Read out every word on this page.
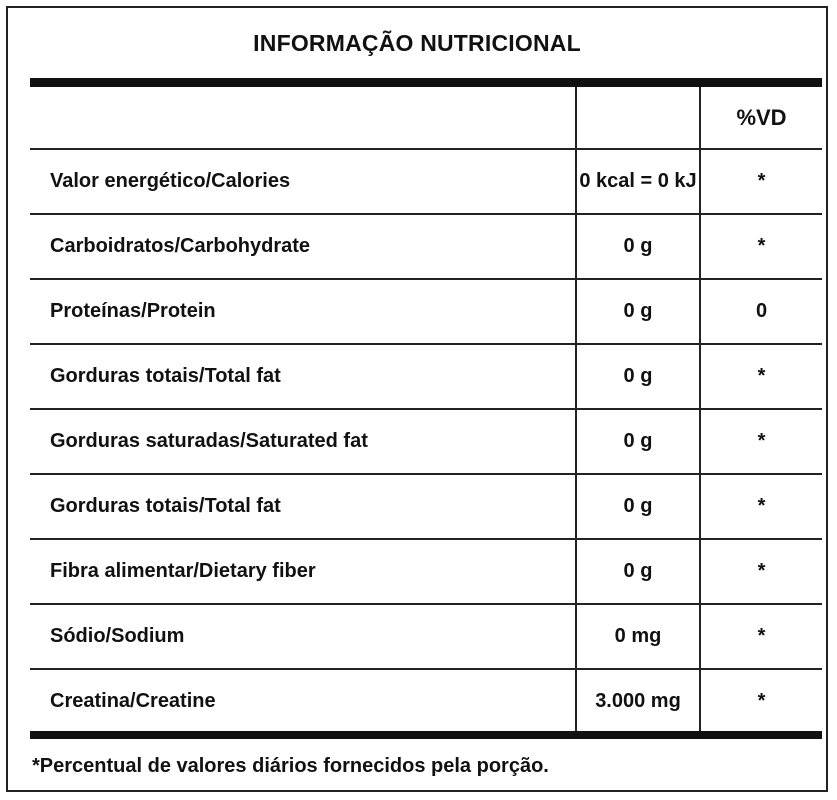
INFORMAÇÃO NUTRICIONAL
		%VD
Valor energético/Calories	0 kcal = 0 kJ	*
Carboidratos/Carbohydrate	0 g	*
Proteínas/Protein	0 g	0
Gorduras totais/Total fat	0 g	*
Gorduras saturadas/Saturated fat	0 g	*
Gorduras totais/Total fat	0 g	*
Fibra alimentar/Dietary fiber	0 g	*
Sódio/Sodium	0 mg	*
Creatina/Creatine	3.000 mg	*
*Percentual de valores diários fornecidos pela porção.
